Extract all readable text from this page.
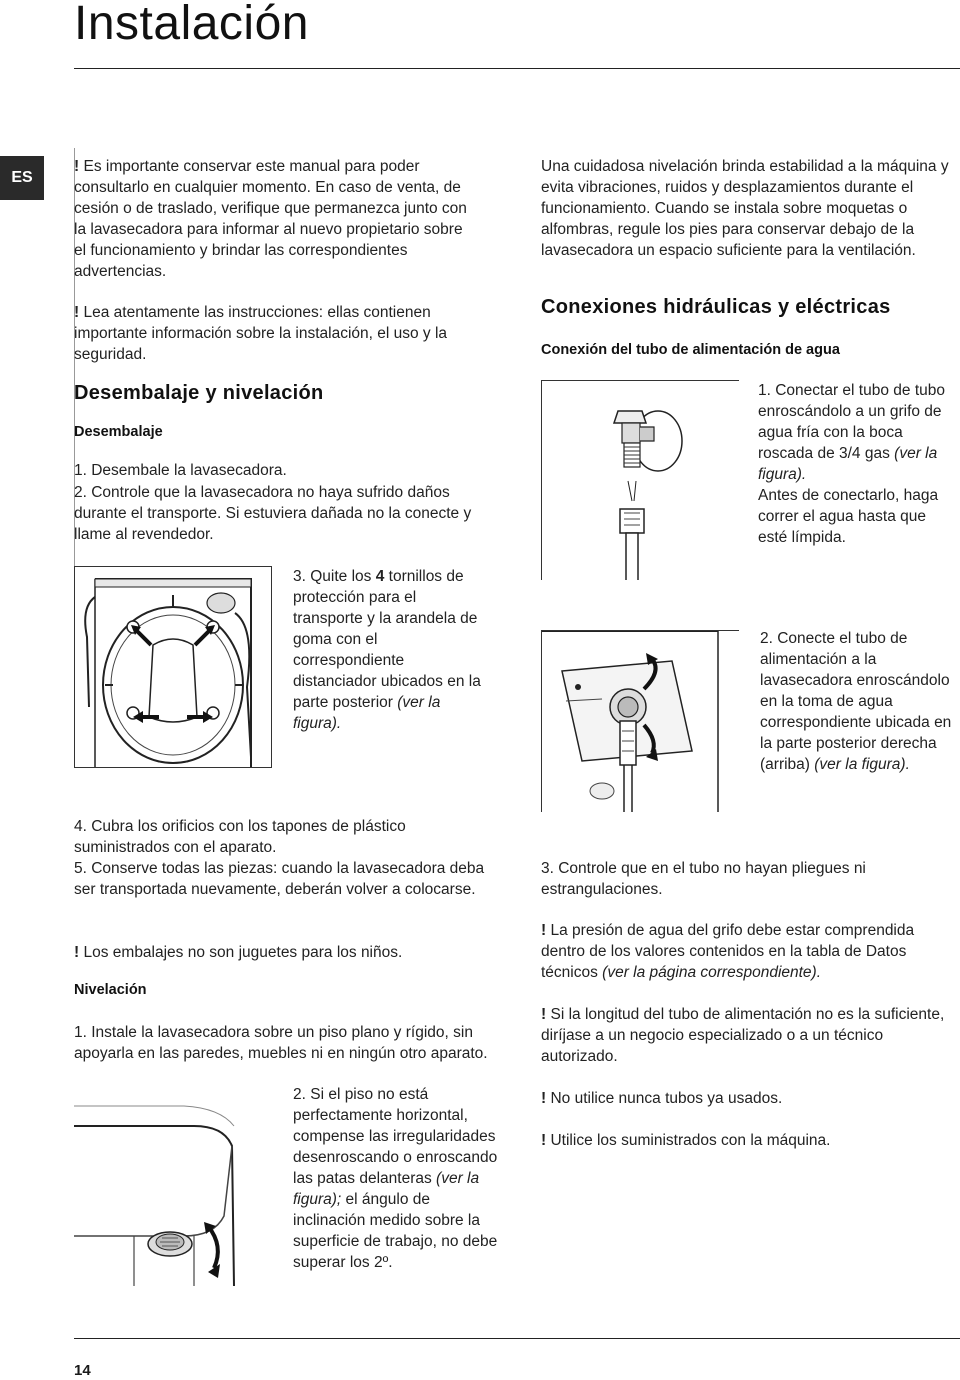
Instalación
ES
! Es importante conservar este manual para poder consultarlo en cualquier momento. En caso de venta, de cesión o de traslado, verifique que permanezca junto con la lavasecadora para informar al nuevo propietario sobre el funcionamiento y brindar las correspondientes advertencias.
! Lea atentamente las instrucciones: ellas contienen importante información sobre la instalación, el uso y la seguridad.
Desembalaje y nivelación
Desembalaje
1. Desembale la lavasecadora.
2. Controle que la lavasecadora no haya sufrido daños durante el transporte. Si estuviera dañada no la conecte y llame al revendedor.
3. Quite los 4 tornillos de protección para el transporte y la arandela de goma con el correspondiente distanciador ubicados en la parte posterior (ver la figura).
4. Cubra los orificios con los tapones de plástico suministrados con el aparato.
5. Conserve todas las piezas: cuando la lavasecadora deba ser transportada nuevamente, deberán volver a colocarse.
! Los embalajes no son juguetes para los niños.
Nivelación
1. Instale la lavasecadora sobre un piso plano y rígido, sin apoyarla en las paredes, muebles ni en ningún otro aparato.
2. Si el piso no está perfectamente horizontal, compense las irregularidades desenroscando o enroscando las patas delanteras (ver la figura); el ángulo de inclinación medido sobre la superficie de trabajo, no debe superar los 2º.
Una cuidadosa nivelación brinda estabilidad a la máquina y evita vibraciones, ruidos y desplazamientos durante el funcionamiento. Cuando se instala sobre moquetas o alfombras, regule los pies para conservar debajo de la lavasecadora un espacio suficiente para la ventilación.
Conexiones hidráulicas y eléctricas
Conexión del tubo de alimentación de agua
1. Conectar el tubo de tubo enroscándolo a un grifo de agua fría con la boca roscada de 3/4 gas (ver la figura).
Antes de conectarlo, haga correr el agua hasta que esté límpida.
2. Conecte el tubo de alimentación a la lavasecadora enroscándolo en la toma de agua correspondiente ubicada en la parte posterior derecha (arriba) (ver la figura).
3. Controle que en el tubo no hayan pliegues ni estrangulaciones.
! La presión de agua del grifo debe estar comprendida dentro de los valores contenidos en la tabla de Datos técnicos (ver la página correspondiente).
! Si la longitud del tubo de alimentación no es la suficiente, diríjase a un negocio especializado o a un técnico autorizado.
! No utilice nunca tubos ya usados.
! Utilice los suministrados con la máquina.
14
